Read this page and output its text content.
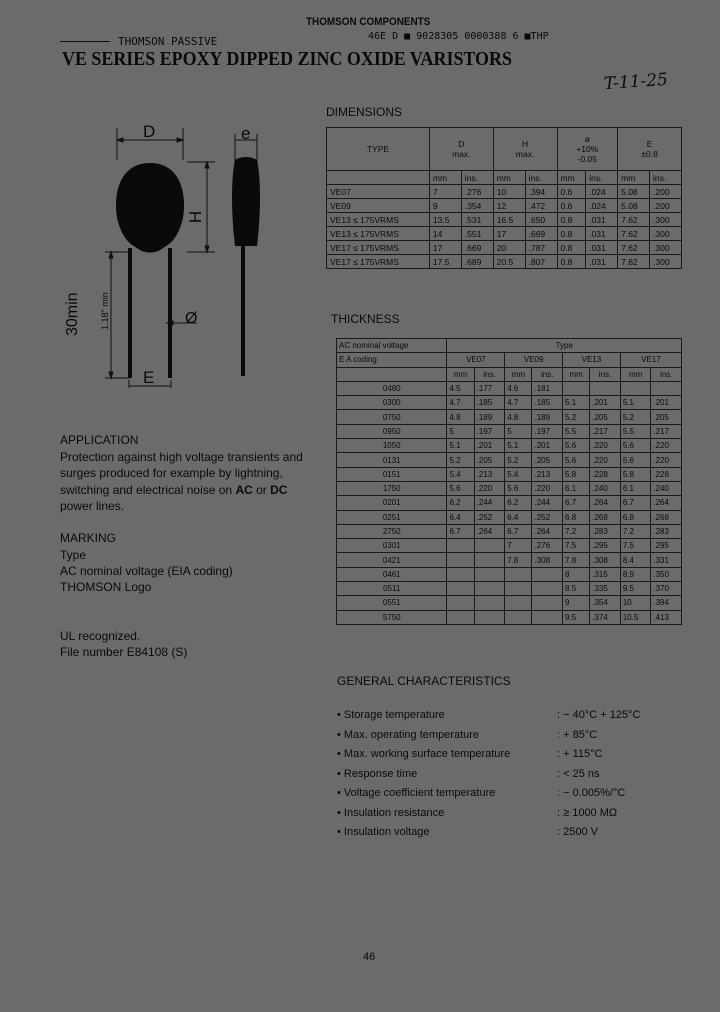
THOMSON COMPONENTS
THOMSON PASSIVE	46E D ■ 9028305 0000388 6 ■THP
VE SERIES EPOXY DIPPED ZINC OXIDE VARISTORS
T-11-25
D	e
H
30min 1.18" min	Ø
E
DIMENSIONS
TYPE	D
max.		H
max.		ø
+10%
-0.05		E
±0.8	
	mm	ins.	mm	ins.	mm	ins.	mm	ins.
VE07	7	.276	10	.394	0.6	.024	5.08	.200
VE09	9	.354	12	.472	0.6	.024	5.08	.200
VE13 ≤ 175VRMS	13.5	.531	16.5	.650	0.8	.031	7.62	.300
VE13 ≤ 175VRMS	14	.551	17	.669	0.8	.031	7.62	.300
VE17 ≤ 175VRMS	17	.669	20	.787	0.8	.031	7.62	.300
VE17 ≤ 175VRMS	17.5	.689	20.5	.807	0.8	.031	7.62	.300
THICKNESS
AC nominal voltage	Type							
E A coding	VE07		VE09		VE13		VE17	
	mm	ins.	mm	ins.	mm	ins.	mm	ins.
0480	4.5	.177	4.6	.181				
0300	4.7	.185	4.7	.185	5.1	.201	5.1	.201
0750	4.8	.189	4.8	.189	5.2	.205	5.2	.205
0950	5	.197	5	.197	5.5	.217	5.5	.217
1050	5.1	.201	5.1	.201	5.6	.220	5.6	.220
0131	5.2	.205	5.2	.205	5.6	.220	5.6	.220
0151	5.4	.213	5.4	.213	5.8	.228	5.8	.228
1750	5.6	.220	5.6	.220	6.1	.240	6.1	.240
0201	6.2	.244	6.2	.244	6.7	.264	6.7	.264
0251	6.4	.252	6.4	.252	6.8	.268	6.8	.268
2750	6.7	.264	6.7	.264	7.2	.283	7.2	.283
0301			7	.276	7.5	.295	7.5	.295
0421			7.8	.308	7.8	.308	8.4	.331
0461					8	.315	8.9	.350
0511					8.5	.335	9.5	.370
0551					9	.354	10	.394
5750					9.5	.374	10.5	.413
APPLICATION
Protection against high voltage transients and
surges produced for example by lightning,
switching and electrical noise on AC or DC
power lines.
MARKING
Type
AC nominal voltage (EIA coding)
THOMSON Logo
UL recognized.
File number E84108 (S)
GENERAL CHARACTERISTICS
• Storage temperature	: − 40°C + 125°C
• Max. operating temperature	: + 85°C
• Max. working surface temperature	: + 115°C
• Response time	: < 25 ns
• Voltage coefficient temperature	: − 0.005%/°C
• Insulation resistance	: ≥ 1000 MΩ
• Insulation voltage	: 2500 V
46
